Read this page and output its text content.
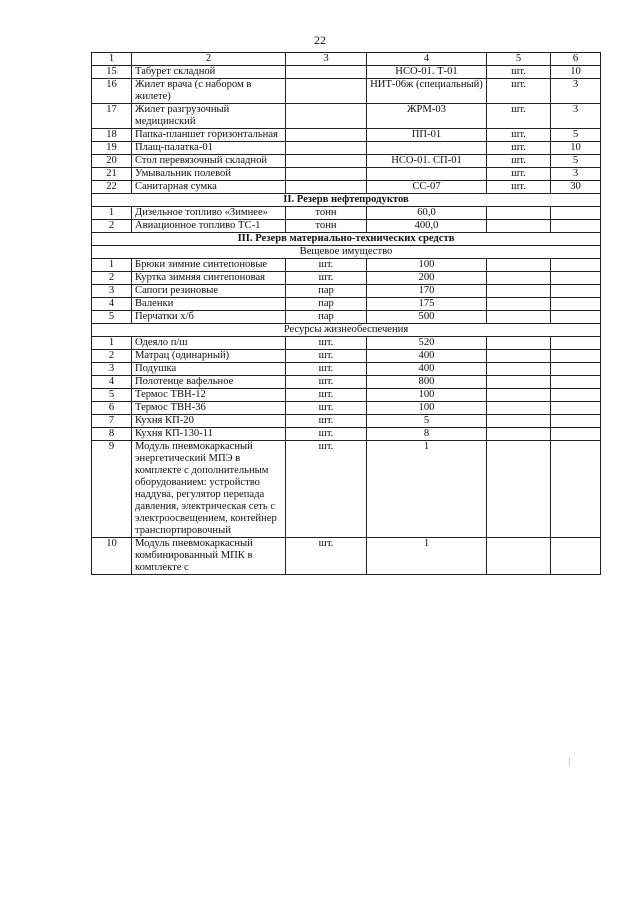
22
1	2	3	4	5	6
15	Табурет складной		НСО-01. Т-01	шт.	10
16	Жилет врача (с набором в жилете)		НИТ-06ж (специальный)	шт.	3
17	Жилет разгрузочный медицинский		ЖРМ-03	шт.	3
18	Папка-планшет горизонтальная		ПП-01	шт.	5
19	Плащ-палатка-01			шт.	10
20	Стол перевязочный складной		НСО-01. СП-01	шт.	5
21	Умывальник полевой			шт.	3
22	Санитарная сумка		СС-07	шт.	30
II. Резерв нефтепродуктов					
1	Дизельное топливо «Зимнее»	тонн	60,0		
2	Авиационное топливо ТС-1	тонн	400,0		
III. Резерв материально-технических средств					
Вещевое имущество					
1	Брюки зимние синтепоновые	шт.	100		
2	Куртка зимняя синтепоновая	шт.	200		
3	Сапоги резиновые	пар	170		
4	Валенки	пар	175		
5	Перчатки х/б	пар	500		
Ресурсы жизнеобеспечения					
1	Одеяло п/ш	шт.	520		
2	Матрац (одинарный)	шт.	400		
3	Подушка	шт.	400		
4	Полотенце вафельное	шт.	800		
5	Термос ТВН-12	шт.	100		
6	Термос ТВН-36	шт.	100		
7	Кухня КП-20	шт.	5		
8	Кухня КП-130-11	шт.	8		
9	Модуль пневмокаркасный энергетический МПЭ в комплекте с дополнительным оборудованием: устройство наддува, регулятор перепада давления, электрическая сеть с электроосвещением, контейнер транспортировочный	шт.	1		
10	Модуль пневмокаркасный комбинированный МПК в комплекте с	шт.	1		
⁝
